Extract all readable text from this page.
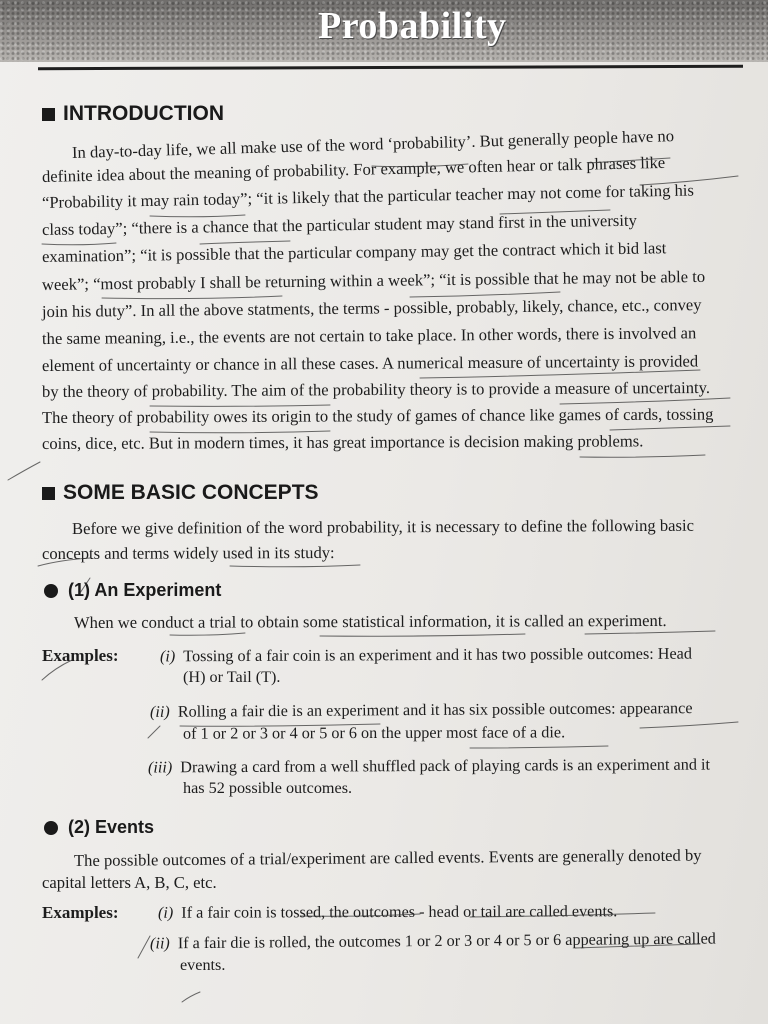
Probability
INTRODUCTION
In day-to-day life, we all make use of the word ‘probability’. But generally people have no
definite idea about the meaning of probability. For example, we often hear or talk phrases like
“Probability it may rain today”; “it is likely that the particular teacher may not come for taking his
class today”; “there is a chance that the particular student may stand first in the university
examination”; “it is possible that the particular company may get the contract which it bid last
week”; “most probably I shall be returning within a week”; “it is possible that he may not be able to
join his duty”. In all the above statments, the terms - possible, probably, likely, chance, etc., convey
the same meaning, i.e., the events are not certain to take place. In other words, there is involved an
element of uncertainty or chance in all these cases. A numerical measure of uncertainty is provided
by the theory of probability. The aim of the probability theory is to provide a measure of uncertainty.
The theory of probability owes its origin to the study of games of chance like games of cards, tossing
coins, dice, etc. But in modern times, it has great importance is decision making problems.
SOME BASIC CONCEPTS
Before we give definition of the word probability, it is necessary to define the following basic
concepts and terms widely used in its study:
(1) An Experiment
When we conduct a trial to obtain some statistical information, it is called an experiment.
Examples:	(i) Tossing of a fair coin is an experiment and it has two possible outcomes: Head
(H) or Tail (T).
(ii) Rolling a fair die is an experiment and it has six possible outcomes: appearance
of 1 or 2 or 3 or 4 or 5 or 6 on the upper most face of a die.
(iii) Drawing a card from a well shuffled pack of playing cards is an experiment and it
has 52 possible outcomes.
(2) Events
The possible outcomes of a trial/experiment are called events. Events are generally denoted by
capital letters A, B, C, etc.
Examples: (i) If a fair coin is tossed, the outcomes - head or tail are called events.
(ii) If a fair die is rolled, the outcomes 1 or 2 or 3 or 4 or 5 or 6 appearing up are called
events.
